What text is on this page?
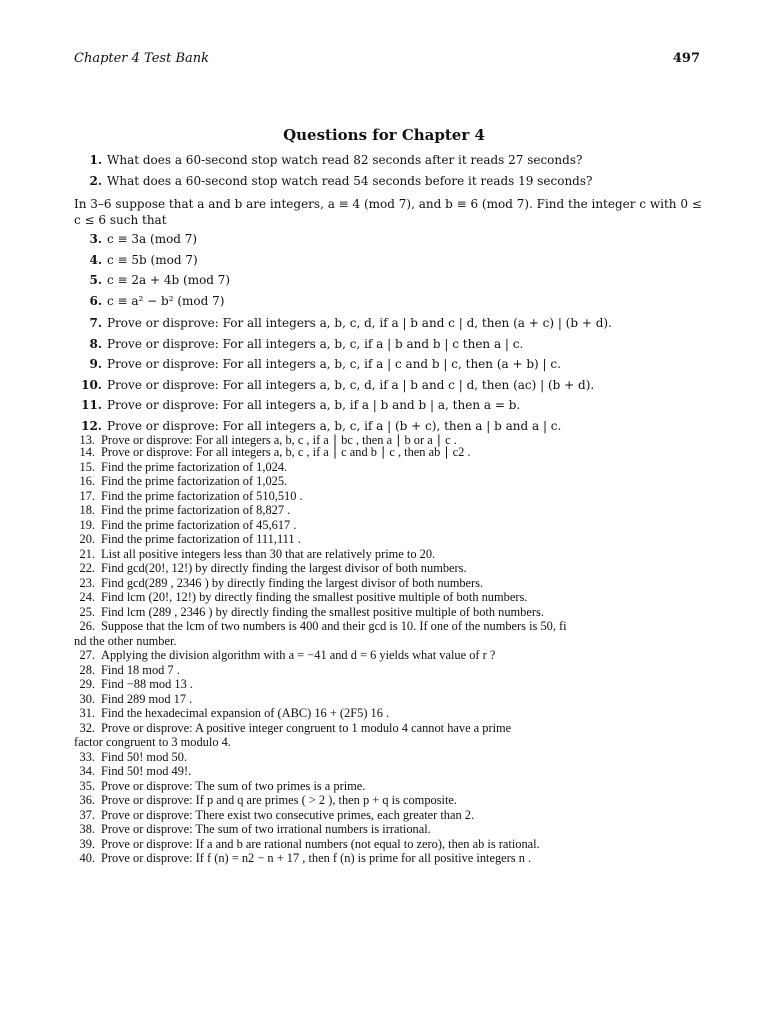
Chapter 4 Test Bank	497
Questions for Chapter 4
1. What does a 60-second stop watch read 82 seconds after it reads 27 seconds?
2. What does a 60-second stop watch read 54 seconds before it reads 19 seconds?
In 3–6 suppose that a and b are integers, a ≡ 4 (mod 7), and b ≡ 6 (mod 7). Find the integer c with 0 ≤ c ≤ 6 such that
3. c ≡ 3a (mod 7)
4. c ≡ 5b (mod 7)
5. c ≡ 2a + 4b (mod 7)
6. c ≡ a² − b² (mod 7)
7. Prove or disprove: For all integers a, b, c, d, if a | b and c | d, then (a + c) | (b + d).
8. Prove or disprove: For all integers a, b, c, if a | b and b | c then a | c.
9. Prove or disprove: For all integers a, b, c, if a | c and b | c, then (a + b) | c.
10. Prove or disprove: For all integers a, b, c, d, if a | b and c | d, then (ac) | (b + d).
11. Prove or disprove: For all integers a, b, if a | b and b | a, then a = b.
12. Prove or disprove: For all integers a, b, c, if a | (b + c), then a | b and a | c.
13. Prove or disprove: For all integers a, b, c , if a ∣ bc , then a ∣ b or a ∣ c .
14. Prove or disprove: For all integers a, b, c , if a ∣ c and b ∣ c , then ab ∣ c2 .
15. Find the prime factorization of 1,024.
16. Find the prime factorization of 1,025.
17. Find the prime factorization of 510,510 .
18. Find the prime factorization of 8,827 .
19. Find the prime factorization of 45,617 .
20. Find the prime factorization of 111,111 .
21. List all positive integers less than 30 that are relatively prime to 20.
22. Find gcd(20!, 12!) by directly finding the largest divisor of both numbers.
23. Find gcd(289 , 2346 ) by directly finding the largest divisor of both numbers.
24. Find lcm (20!, 12!) by directly finding the smallest positive multiple of both numbers.
25. Find lcm (289 , 2346 ) by directly finding the smallest positive multiple of both numbers.
26. Suppose that the lcm of two numbers is 400 and their gcd is 10. If one of the numbers is 50, fi
nd the other number.
27. Applying the division algorithm with a = −41 and d = 6 yields what value of r ?
28. Find 18 mod 7 .
29. Find −88 mod 13 .
30. Find 289 mod 17 .
31. Find the hexadecimal expansion of (ABC) 16 + (2F5) 16 .
32. Prove or disprove: A positive integer congruent to 1 modulo 4 cannot have a prime
factor congruent to 3 modulo 4.
33. Find 50! mod 50.
34. Find 50! mod 49!.
35. Prove or disprove: The sum of two primes is a prime.
36. Prove or disprove: If p and q are primes ( > 2 ), then p + q is composite.
37. Prove or disprove: There exist two consecutive primes, each greater than 2.
38. Prove or disprove: The sum of two irrational numbers is irrational.
39. Prove or disprove: If a and b are rational numbers (not equal to zero), then ab is rational.
40. Prove or disprove: If f (n) = n2 − n + 17 , then f (n) is prime for all positive integers n .
